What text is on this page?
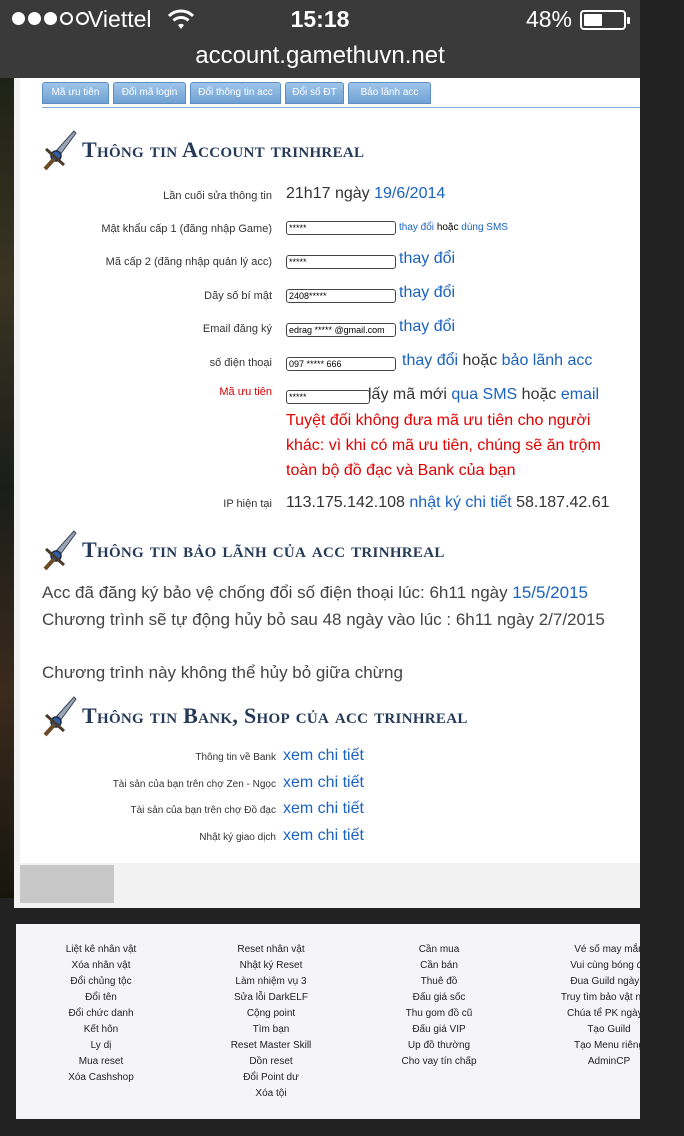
Viettel	15:18	48%
account.gamethuvn.net
Mã ưu tiên	Đổi mã login	Đổi thông tin acc	Đổi số ĐT	Bảo lãnh acc
Thông tin Account trinhreal
Lần cuối sửa thông tin 21h17 ngày 19/6/2014
Mật khẩu cấp 1 (đăng nhập Game)	*****	thay đổi hoặc dùng SMS
Mã cấp 2 (đăng nhập quản lý acc)	*****	thay đổi
Dãy số bí mật	2408*****	thay đổi
Email đăng ký	edrag ***** @gmail.com thay đổi
số điện thoại	097 ***** 666	thay đổi hoặc bảo lãnh acc
Mã ưu tiên	*****	lấy mã mới qua SMS hoặc email
Tuyệt đối không đưa mã ưu tiên cho người khác: vì khi có mã ưu tiên, chúng sẽ ăn trộm toàn bộ đồ đạc và Bank của bạn
IP hiện tại 113.175.142.108 nhật ký chi tiết 58.187.42.61
Thông tin bảo lãnh của acc trinhreal
Acc đã đăng ký bảo vệ chống đổi số điện thoại lúc: 6h11 ngày 15/5/2015
Chương trình sẽ tự động hủy bỏ sau 48 ngày vào lúc : 6h11 ngày 2/7/2015
Chương trình này không thể hủy bỏ giữa chừng
Thông tin Bank, Shop của acc trinhreal
Thông tin về Bank xem chi tiết
Tài sản của bạn trên chợ Zen - Ngọc xem chi tiết
Tài sản của bạn trên chợ Đồ đạc xem chi tiết
Nhật ký giao dịch xem chi tiết
Liệt kê nhân vật
Xóa nhân vật
Đổi chủng tộc
Đổi tên
Đổi chức danh
Kết hôn
Ly dị
Mua reset
Xóa Cashshop
Reset nhân vật
Nhật ký Reset
Làm nhiệm vụ 3
Sửa lỗi DarkELF
Cộng point
Tìm bạn
Reset Master Skill
Dồn reset
Đổi Point dư
Xóa tội
Cần mua
Cần bán
Thuê đồ
Đấu giá sốc
Thu gom đồ cũ
Đấu giá VIP
Up đồ thường
Cho vay tín chấp
Vé số may mắn
Vui cùng bóng đá
Đua Guild ngày 5
Truy tìm bảo vật ngày
Chúa tể PK ngày 1
Tạo Guild
Tạo Menu riêng
AdminCP
